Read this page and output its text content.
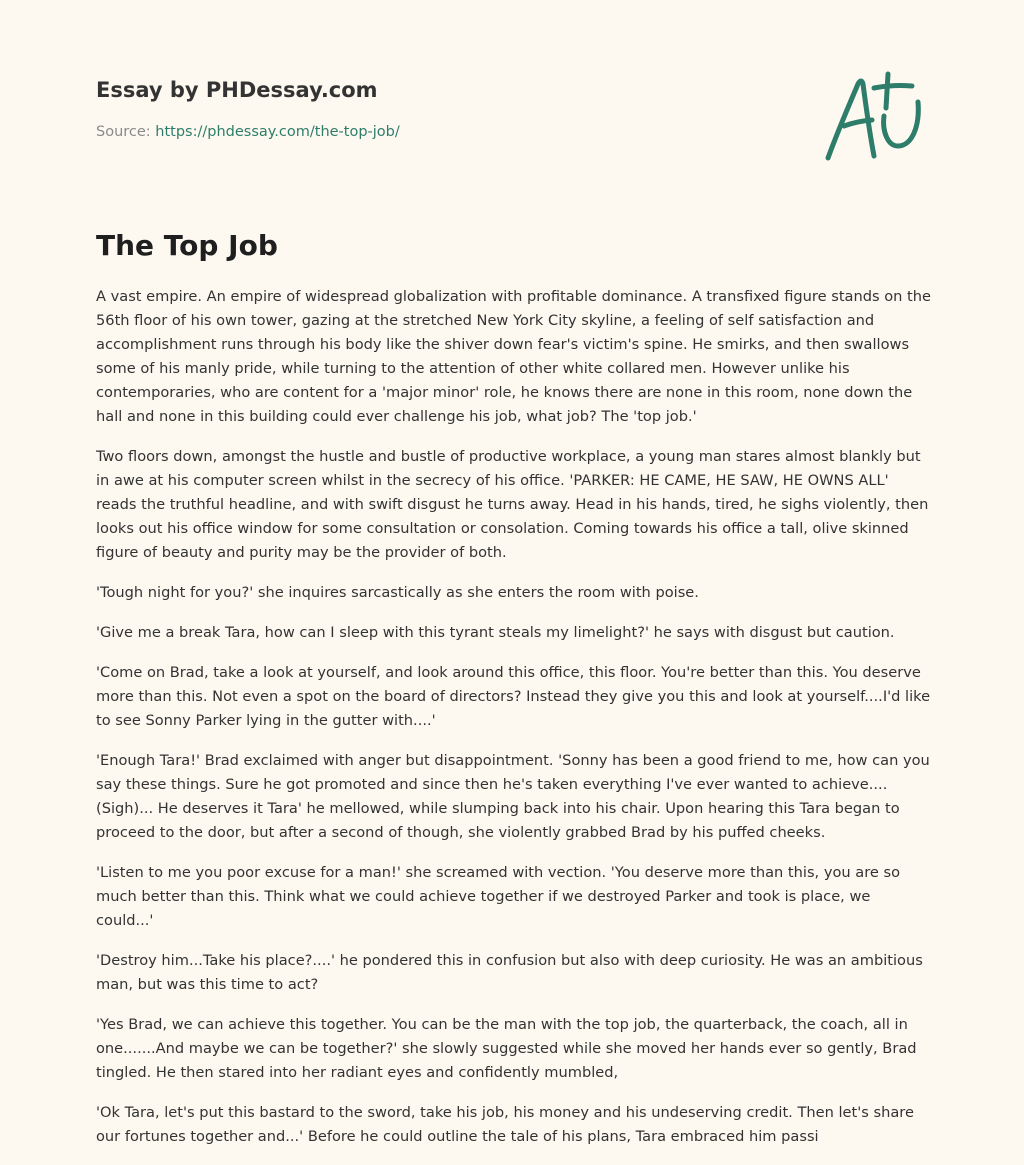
Essay by PHDessay.com
Source: https://phdessay.com/the-top-job/
The Top Job

A vast empire. An empire of widespread globalization with profitable dominance. A transfixed figure stands on the 56th floor of his own tower, gazing at the stretched New York City skyline, a feeling of self satisfaction and accomplishment runs through his body like the shiver down fear's victim's spine. He smirks, and then swallows some of his manly pride, while turning to the attention of other white collared men. However unlike his contemporaries, who are content for a 'major minor' role, he knows there are none in this room, none down the hall and none in this building could ever challenge his job, what job? The 'top job.'

Two floors down, amongst the hustle and bustle of productive workplace, a young man stares almost blankly but in awe at his computer screen whilst in the secrecy of his office. 'PARKER: HE CAME, HE SAW, HE OWNS ALL' reads the truthful headline, and with swift disgust he turns away. Head in his hands, tired, he sighs violently, then looks out his office window for some consultation or consolation. Coming towards his office a tall, olive skinned figure of beauty and purity may be the provider of both.

'Tough night for you?' she inquires sarcastically as she enters the room with poise.

'Give me a break Tara, how can I sleep with this tyrant steals my limelight?' he says with disgust but caution.

'Come on Brad, take a look at yourself, and look around this office, this floor. You're better than this. You deserve more than this. Not even a spot on the board of directors? Instead they give you this and look at yourself....I'd like to see Sonny Parker lying in the gutter with....'

'Enough Tara!' Brad exclaimed with anger but disappointment. 'Sonny has been a good friend to me, how can you say these things. Sure he got promoted and since then he's taken everything I've ever wanted to achieve....(Sigh)... He deserves it Tara' he mellowed, while slumping back into his chair. Upon hearing this Tara began to proceed to the door, but after a second of though, she violently grabbed Brad by his puffed cheeks.

'Listen to me you poor excuse for a man!' she screamed with vection. 'You deserve more than this, you are so much better than this. Think what we could achieve together if we destroyed Parker and took is place, we could...'

'Destroy him...Take his place?....' he pondered this in confusion but also with deep curiosity. He was an ambitious man, but was this time to act?

'Yes Brad, we can achieve this together. You can be the man with the top job, the quarterback, the coach, all in one.......And maybe we can be together?' she slowly suggested while she moved her hands ever so gently, Brad tingled. He then stared into her radiant eyes and confidently mumbled,

'Ok Tara, let's put this bastard to the sword, take his job, his money and his undeserving credit. Then let's share our fortunes together and...' Before he could outline the tale of his plans, Tara embraced him passi
